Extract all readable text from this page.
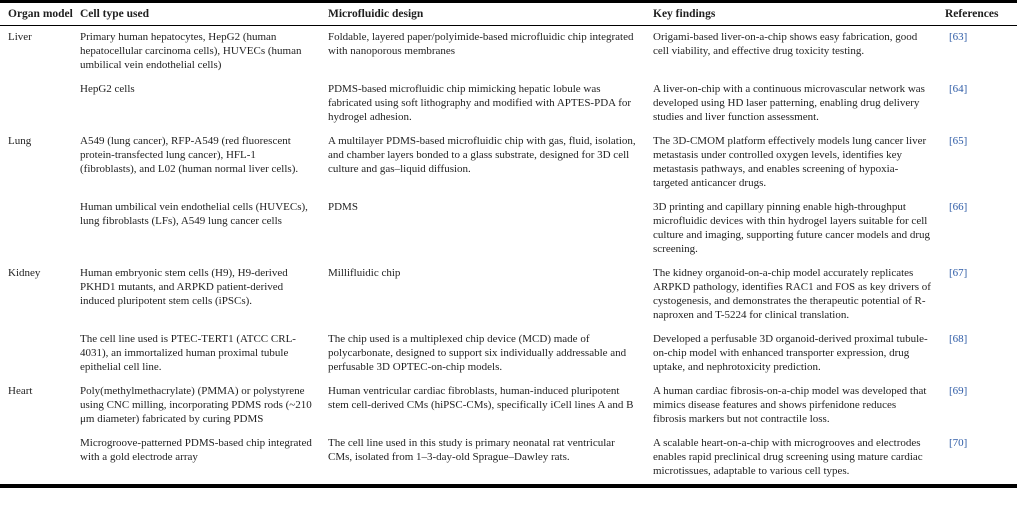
Organ model	Cell type used	Microfluidic design	Key findings	References
Liver	Primary human hepatocytes, HepG2 (human hepatocellular carcinoma cells), HUVECs (human umbilical vein endothelial cells)	Foldable, layered paper/polyimide-based microfluidic chip integrated with nanoporous membranes	Origami-based liver-on-a-chip shows easy fabrication, good cell viability, and effective drug toxicity testing.	[63]
	HepG2 cells	PDMS-based microfluidic chip mimicking hepatic lobule was fabricated using soft lithography and modified with APTES-PDA for hydrogel adhesion.	A liver-on-chip with a continuous microvascular network was developed using HD laser patterning, enabling drug delivery studies and liver function assessment.	[64]
Lung	A549 (lung cancer), RFP-A549 (red fluorescent protein-transfected lung cancer), HFL-1 (fibroblasts), and L02 (human normal liver cells).	A multilayer PDMS-based microfluidic chip with gas, fluid, isolation, and chamber layers bonded to a glass substrate, designed for 3D cell culture and gas–liquid diffusion.	The 3D-CMOM platform effectively models lung cancer liver metastasis under controlled oxygen levels, identifies key metastasis pathways, and enables screening of hypoxia-targeted anticancer drugs.	[65]
	Human umbilical vein endothelial cells (HUVECs), lung fibroblasts (LFs), A549 lung cancer cells	PDMS	3D printing and capillary pinning enable high-throughput microfluidic devices with thin hydrogel layers suitable for cell culture and imaging, supporting future cancer models and drug screening.	[66]
Kidney	Human embryonic stem cells (H9), H9-derived PKHD1 mutants, and ARPKD patient-derived induced pluripotent stem cells (iPSCs).	Millifluidic chip	The kidney organoid-on-a-chip model accurately replicates ARPKD pathology, identifies RAC1 and FOS as key drivers of cystogenesis, and demonstrates the therapeutic potential of R-naproxen and T-5224 for clinical translation.	[67]
	The cell line used is PTEC-TERT1 (ATCC CRL-4031), an immortalized human proximal tubule epithelial cell line.	The chip used is a multiplexed chip device (MCD) made of polycarbonate, designed to support six individually addressable and perfusable 3D OPTEC-on-chip models.	Developed a perfusable 3D organoid-derived proximal tubule-on-chip model with enhanced transporter expression, drug uptake, and nephrotoxicity prediction.	[68]
Heart	Poly(methylmethacrylate) (PMMA) or polystyrene using CNC milling, incorporating PDMS rods (~210 μm diameter) fabricated by curing PDMS	Human ventricular cardiac fibroblasts, human-induced pluripotent stem cell-derived CMs (hiPSC-CMs), specifically iCell lines A and B	A human cardiac fibrosis-on-a-chip model was developed that mimics disease features and shows pirfenidone reduces fibrosis markers but not contractile loss.	[69]
	Microgroove-patterned PDMS-based chip integrated with a gold electrode array	The cell line used in this study is primary neonatal rat ventricular CMs, isolated from 1–3-day-old Sprague–Dawley rats.	A scalable heart-on-a-chip with microgrooves and electrodes enables rapid preclinical drug screening using mature cardiac microtissues, adaptable to various cell types.	[70]
